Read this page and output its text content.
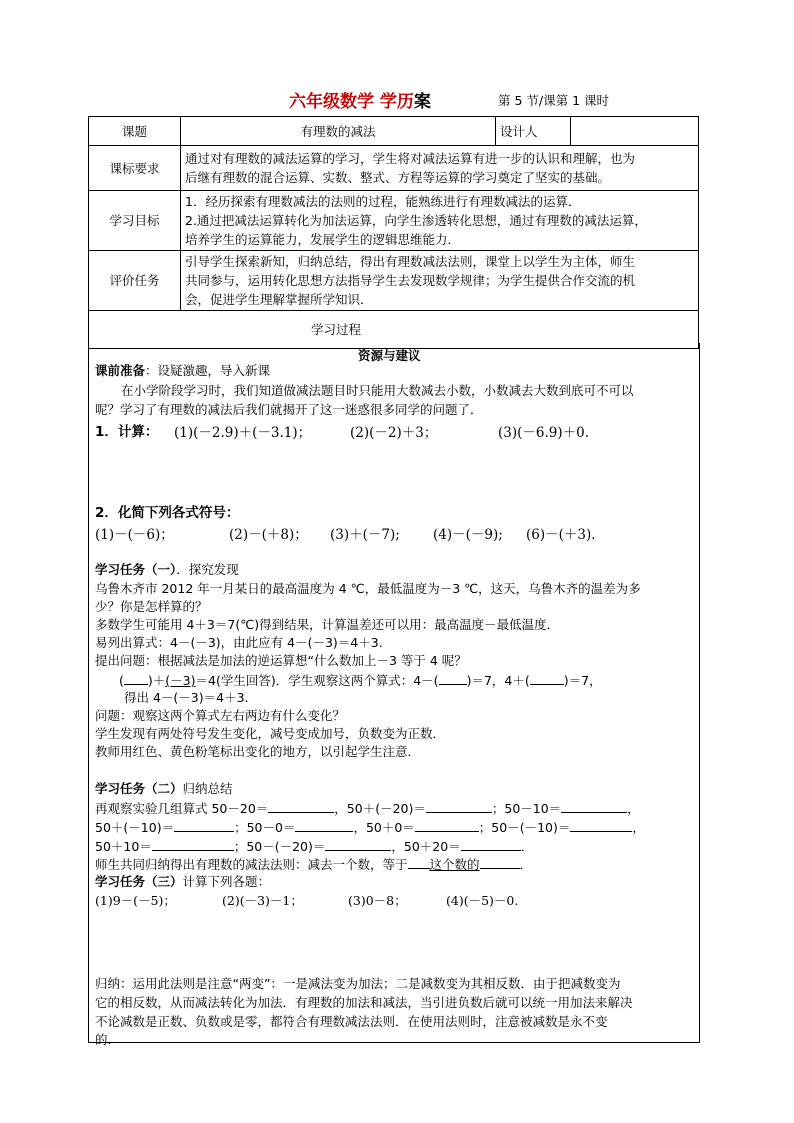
六年级数学 学历案	第 5 节/课第 1 课时
课题	有理数的减法	设计人	
课标要求	通过对有理数的减法运算的学习，学生将对减法运算有进一步的认识和理解，也为
后继有理数的混合运算、实数、整式、方程等运算的学习奠定了坚实的基础。		

学习目标	1．经历探索有理数减法的法则的过程，能熟练进行有理数减法的运算．
2.通过把减法运算转化为加法运算，向学生渗透转化思想，通过有理数的减法运算，
培养学生的运算能力，发展学生的逻辑思维能力．		

评价任务	引导学生探索新知，归纳总结，得出有理数减法法则，课堂上以学生为主体，师生
共同参与，运用转化思想方法指导学生去发现数学规律；为学生提供合作交流的机
会，促进学生理解掌握所学知识．		

学习过程			
资源与建议
课前准备：设疑激趣，导入新课
在小学阶段学习时，我们知道做减法题目时只能用大数减去小数，小数减去大数到底可不可以
呢？学习了有理数的减法后我们就揭开了这一迷惑很多同学的问题了．
1．计算： (1)(－2.9)＋(－3.1)；	(2)(－2)＋3；	(3)(－6.9)＋0.
2．化简下列各式符号：
(1)－(－6)；	(2)－(＋8)； (3)＋(－7); (4)－(－9); (6)－(＋3).
学习任务（一）．探究发现
乌鲁木齐市 2012 年一月某日的最高温度为 4 ℃，最低温度为－3 ℃，这天，乌鲁木齐的温差为多
少？你是怎样算的？
多数学生可能用 4＋3＝7(℃)得到结果，计算温差还可以用：最高温度－最低温度．
易列出算式：4－(－3)，由此应有 4－(－3)＝4＋3.
提出问题：根据减法是加法的逆运算想“什么数加上－3 等于 4 呢？
( )＋(－3)＝4(学生回答)．学生观察这两个算式：4－( )＝7，4＋(	)＝7，
得出 4－(－3)＝4＋3.
问题：观察这两个算式左右两边有什么变化？
学生发现有两处符号发生变化，减号变成加号，负数变为正数．
教师用红色、黄色粉笔标出变化的地方，以引起学生注意．
学习任务（二）归纳总结
再观察实验几组算式 50－20＝	，50＋(－20)＝	；50－10＝	，
50＋(－10)＝	；50－0＝	，50＋0＝	；50－(－10)＝	，
50＋10＝	；50－(－20)＝	，50＋20＝	．
师生共同归纳得出有理数的减法法则：减去一个数，等于 这个数的	．
学习任务（三）计算下列各题：
(1)9－(－5)；	(2)(－3)－1；	(3)0－8；	(4)(－5)－0.
归纳：运用此法则是注意“两变”：一是减法变为加法；二是减数变为其相反数．由于把减数变为
它的相反数，从而减法转化为加法．有理数的加法和减法，当引进负数后就可以统一用加法来解决
不论减数是正数、负数或是零，都符合有理数减法法则．在使用法则时，注意被减数是永不变
的．
